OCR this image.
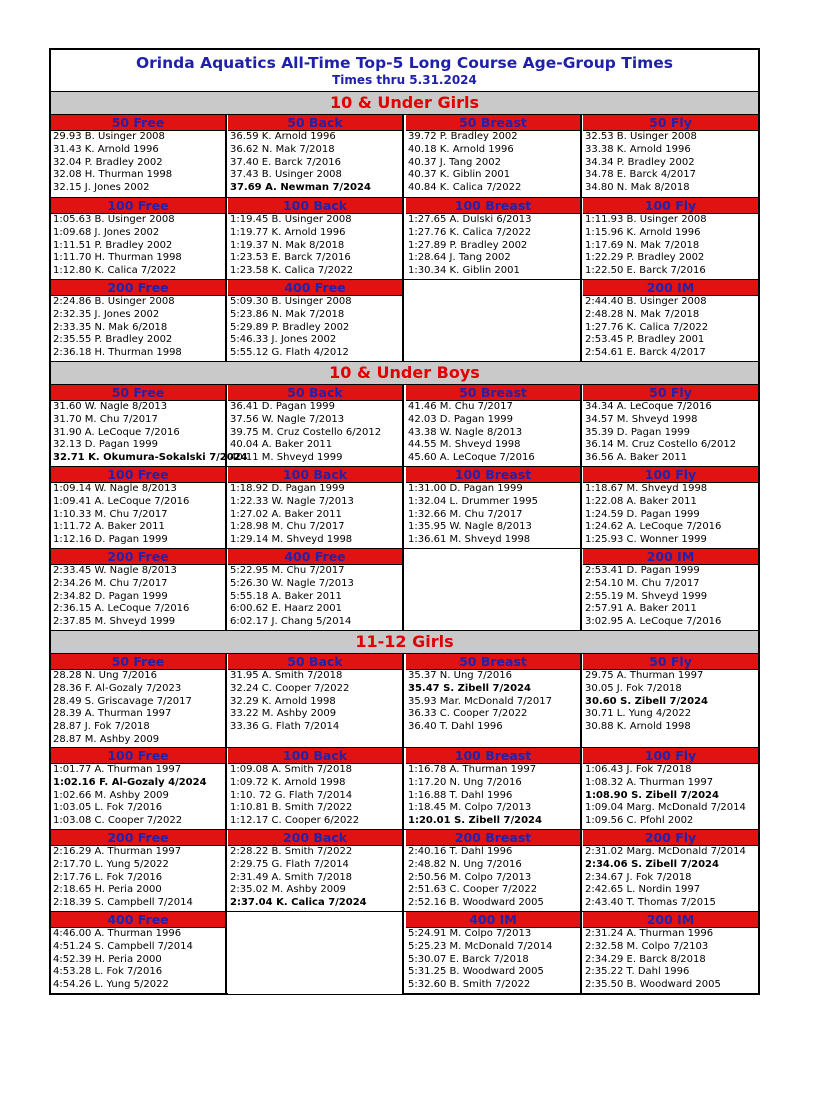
Orinda Aquatics All-Time Top-5 Long Course Age-Group Times
Times thru 5.31.2024
10 & Under Girls
50 Free
29.93 B. Usinger 2008
31.43 K. Arnold 1996
32.04 P. Bradley 2002
32.08 H. Thurman 1998
32.15 J. Jones 2002
50 Back
36.59 K. Arnold 1996
36.62 N. Mak 7/2018
37.40 E. Barck 7/2016
37.43 B. Usinger 2008
37.69 A. Newman 7/2024
50 Breast
39.72 P. Bradley 2002
40.18 K. Arnold 1996
40.37 J. Tang 2002
40.37 K. Giblin 2001
40.84 K. Calica 7/2022
50 Fly
32.53 B. Usinger 2008
33.38 K. Arnold 1996
34.34 P. Bradley 2002
34.78 E. Barck 4/2017
34.80 N. Mak 8/2018
100 Free
1:05.63 B. Usinger 2008
1:09.68 J. Jones 2002
1:11.51 P. Bradley 2002
1:11.70 H. Thurman 1998
1:12.80 K. Calica 7/2022
100 Back
1:19.45 B. Usinger 2008
1:19.77 K. Arnold 1996
1:19.37 N. Mak 8/2018
1:23.53 E. Barck 7/2016
1:23.58 K. Calica 7/2022
100 Breast
1:27.65 A. Dulski 6/2013
1:27.76 K. Calica 7/2022
1:27.89 P. Bradley 2002
1:28.64 J. Tang 2002
1:30.34 K. Giblin 2001
100 Fly
1:11.93 B. Usinger 2008
1:15.96 K. Arnold 1996
1:17.69 N. Mak 7/2018
1:22.29 P. Bradley 2002
1:22.50 E. Barck 7/2016
200 Free
2:24.86 B. Usinger 2008
2:32.35 J. Jones 2002
2:33.35 N. Mak 6/2018
2:35.55 P. Bradley 2002
2:36.18 H. Thurman 1998
400 Free
5:09.30 B. Usinger 2008
5:23.86 N. Mak 7/2018
5:29.89 P. Bradley 2002
5:46.33 J. Jones 2002
5:55.12 G. Flath 4/2012
200 IM
2:44.40 B. Usinger 2008
2:48.28 N. Mak 7/2018
1:27.76 K. Calica 7/2022
2:53.45 P. Bradley 2001
2:54.61 E. Barck 4/2017
10 & Under Boys
50 Free
31.60 W. Nagle 8/2013
31.70 M. Chu 7/2017
31.90 A. LeCoque 7/2016
32.13 D. Pagan 1999
32.71 K. Okumura-Sokalski 7/2024
50 Back
36.41 D. Pagan 1999
37.56 W. Nagle 7/2013
39.75 M. Cruz Costello 6/2012
40.04 A. Baker 2011
40.11 M. Shveyd 1999
50 Breast
41.46 M. Chu 7/2017
42.03 D. Pagan 1999
43.38 W. Nagle 8/2013
44.55 M. Shveyd 1998
45.60 A. LeCoque 7/2016
50 Fly
34.34 A. LeCoque 7/2016
34.57 M. Shveyd 1998
35.39 D. Pagan 1999
36.14 M. Cruz Costello 6/2012
36.56 A. Baker 2011
100 Free
1:09.14 W. Nagle 8/2013
1:09.41 A. LeCoque 7/2016
1:10.33 M. Chu 7/2017
1:11.72 A. Baker 2011
1:12.16 D. Pagan 1999
100 Back
1:18.92 D. Pagan 1999
1:22.33 W. Nagle 7/2013
1:27.02 A. Baker 2011
1:28.98 M. Chu 7/2017
1:29.14 M. Shveyd 1998
100 Breast
1:31.00 D. Pagan 1999
1:32.04 L. Drummer 1995
1:32.66 M. Chu 7/2017
1:35.95 W. Nagle 8/2013
1:36.61 M. Shveyd 1998
100 Fly
1:18.67 M. Shveyd 1998
1:22.08 A. Baker 2011
1:24.59 D. Pagan 1999
1:24.62 A. LeCoque 7/2016
1:25.93 C. Wonner 1999
200 Free
2:33.45 W. Nagle 8/2013
2:34.26 M. Chu 7/2017
2:34.82 D. Pagan 1999
2:36.15 A. LeCoque 7/2016
2:37.85 M. Shveyd 1999
400 Free
5:22.95 M. Chu 7/2017
5:26.30 W. Nagle 7/2013
5:55.18 A. Baker 2011
6:00.62 E. Haarz 2001
6:02.17 J. Chang 5/2014
200 IM
2:53.41 D. Pagan 1999
2:54.10 M. Chu 7/2017
2:55.19 M. Shveyd 1999
2:57.91 A. Baker 2011
3:02.95 A. LeCoque 7/2016
11-12 Girls
50 Free
28.28 N. Ung 7/2016
28.36 F. Al-Gozaly 7/2023
28.49 S. Griscavage 7/2017
28.39 A. Thurman 1997
28.87 J. Fok 7/2018
28.87 M. Ashby 2009
50 Back
31.95 A. Smith 7/2018
32.24 C. Cooper 7/2022
32.29 K. Arnold 1998
33.22 M. Ashby 2009
33.36 G. Flath 7/2014
50 Breast
35.37 N. Ung 7/2016
35.47 S. Zibell 7/2024
35.93 Mar. McDonald 7/2017
36.33 C. Cooper 7/2022
36.40 T. Dahl 1996
50 Fly
29.75 A. Thurman 1997
30.05 J. Fok 7/2018
30.60 S. Zibell 7/2024
30.71 L. Yung 4/2022
30.88 K. Arnold 1998
100 Free
1:01.77 A. Thurman 1997
1:02.16 F. Al-Gozaly 4/2024
1:02.66 M. Ashby 2009
1:03.05 L. Fok 7/2016
1:03.08 C. Cooper 7/2022
100 Back
1:09.08 A. Smith 7/2018
1:09.72 K. Arnold 1998
1:10. 72 G. Flath 7/2014
1:10.81 B. Smith 7/2022
1:12.17 C. Cooper 6/2022
100 Breast
1:16.78 A. Thurman 1997
1:17.20 N. Ung 7/2016
1:16.88 T. Dahl 1996
1:18.45 M. Colpo 7/2013
1:20.01 S. Zibell 7/2024
100 Fly
1:06.43 J. Fok 7/2018
1:08.32 A. Thurman 1997
1:08.90 S. Zibell 7/2024
1:09.04 Marg. McDonald 7/2014
1:09.56 C. Pfohl 2002
200 Free
2:16.29 A. Thurman 1997
2:17.70 L. Yung 5/2022
2:17.76 L. Fok 7/2016
2:18.65 H. Peria 2000
2:18.39 S. Campbell 7/2014
200 Back
2:28.22 B. Smith 7/2022
2:29.75 G. Flath 7/2014
2:31.49 A. Smith 7/2018
2:35.02 M. Ashby 2009
2:37.04 K. Calica 7/2024
200 Breast
2:40.16 T. Dahl 1996
2:48.82 N. Ung 7/2016
2:50.56 M. Colpo 7/2013
2:51.63 C. Cooper 7/2022
2:52.16 B. Woodward 2005
200 Fly
2:31.02 Marg. McDonald 7/2014
2:34.06 S. Zibell 7/2024
2:34.67 J. Fok 7/2018
2:42.65 L. Nordin 1997
2:43.40 T. Thomas 7/2015
400 Free
4:46.00 A. Thurman 1996
4:51.24 S. Campbell 7/2014
4:52.39 H. Peria 2000
4:53.28 L. Fok 7/2016
4:54.26 L. Yung 5/2022
400 IM
5:24.91 M. Colpo 7/2013
5:25.23 M. McDonald 7/2014
5:30.07 E. Barck 7/2018
5:31.25 B. Woodward 2005
5:32.60 B. Smith 7/2022
200 IM
2:31.24 A. Thurman 1996
2:32.58 M. Colpo 7/2103
2:34.29 E. Barck 8/2018
2:35.22 T. Dahl 1996
2:35.50 B. Woodward 2005
